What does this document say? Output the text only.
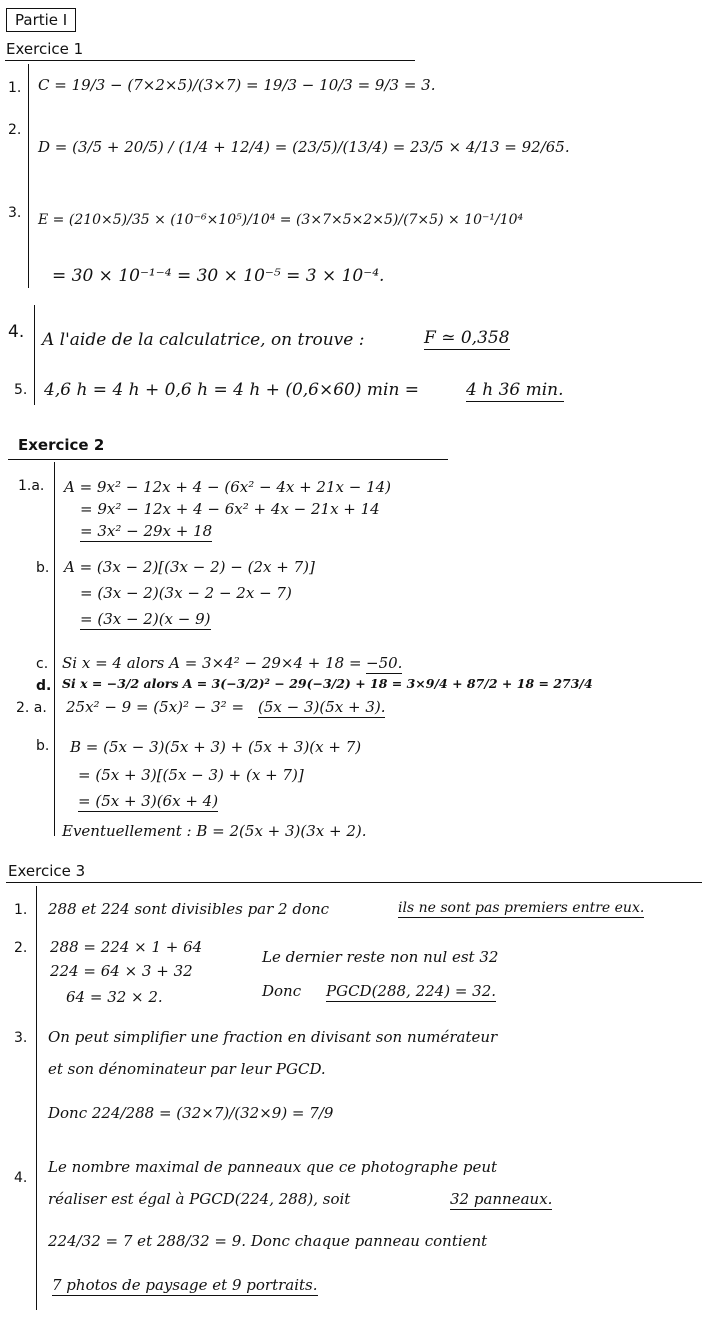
Partie I
Exercice 1
1. C = 19/3 − (7×2×5)/(3×7) = 19/3 − 10/3 = 9/3 = 3.
2.
D = (3/5 + 20/5) / (1/4 + 12/4) = (23/5)/(13/4) = 23/5 × 4/13 = 92/65.
3. E = (210×5)/35 × (10⁻⁶×10⁵)/10⁴ = (3×7×5×2×5)/(7×5) × 10⁻¹/10⁴
= 30 × 10⁻¹⁻⁴ = 30 × 10⁻⁵ = 3 × 10⁻⁴.
4. A l'aide de la calculatrice, on trouve :	F ≃ 0,358
5. 4,6 h = 4 h + 0,6 h = 4 h + (0,6×60) min =	4 h 36 min.
Exercice 2
1.a. A = 9x² − 12x + 4 − (6x² − 4x + 21x − 14)
= 9x² − 12x + 4 − 6x² + 4x − 21x + 14
= 3x² − 29x + 18
b. A = (3x − 2)[(3x − 2) − (2x + 7)]
= (3x − 2)(3x − 2 − 2x − 7)
= (3x − 2)(x − 9)
c. Si x = 4 alors A = 3×4² − 29×4 + 18 = −50.
d. Si x = −3/2 alors A = 3(−3/2)² − 29(−3/2) + 18 = 3×9/4 + 87/2 + 18 = 273/4
2. a. 25x² − 9 = (5x)² − 3² = (5x − 3)(5x + 3).
b. B = (5x − 3)(5x + 3) + (5x + 3)(x + 7)
= (5x + 3)[(5x − 3) + (x + 7)]
= (5x + 3)(6x + 4)
Eventuellement : B = 2(5x + 3)(3x + 2).
Exercice 3
1. 288 et 224 sont divisibles par 2 donc	ils ne sont pas premiers entre eux.
2. 288 = 224 × 1 + 64
224 = 64 × 3 + 32
64 = 32 × 2.
Le dernier reste non nul est 32
Donc PGCD(288, 224) = 32.
3. On peut simplifier une fraction en divisant son numérateur
et son dénominateur par leur PGCD.
Donc 224/288 = (32×7)/(32×9) = 7/9
4.
Le nombre maximal de panneaux que ce photographe peut
réaliser est égal à PGCD(224, 288), soit	32 panneaux.
224/32 = 7 et 288/32 = 9. Donc chaque panneau contient
7 photos de paysage et 9 portraits.
